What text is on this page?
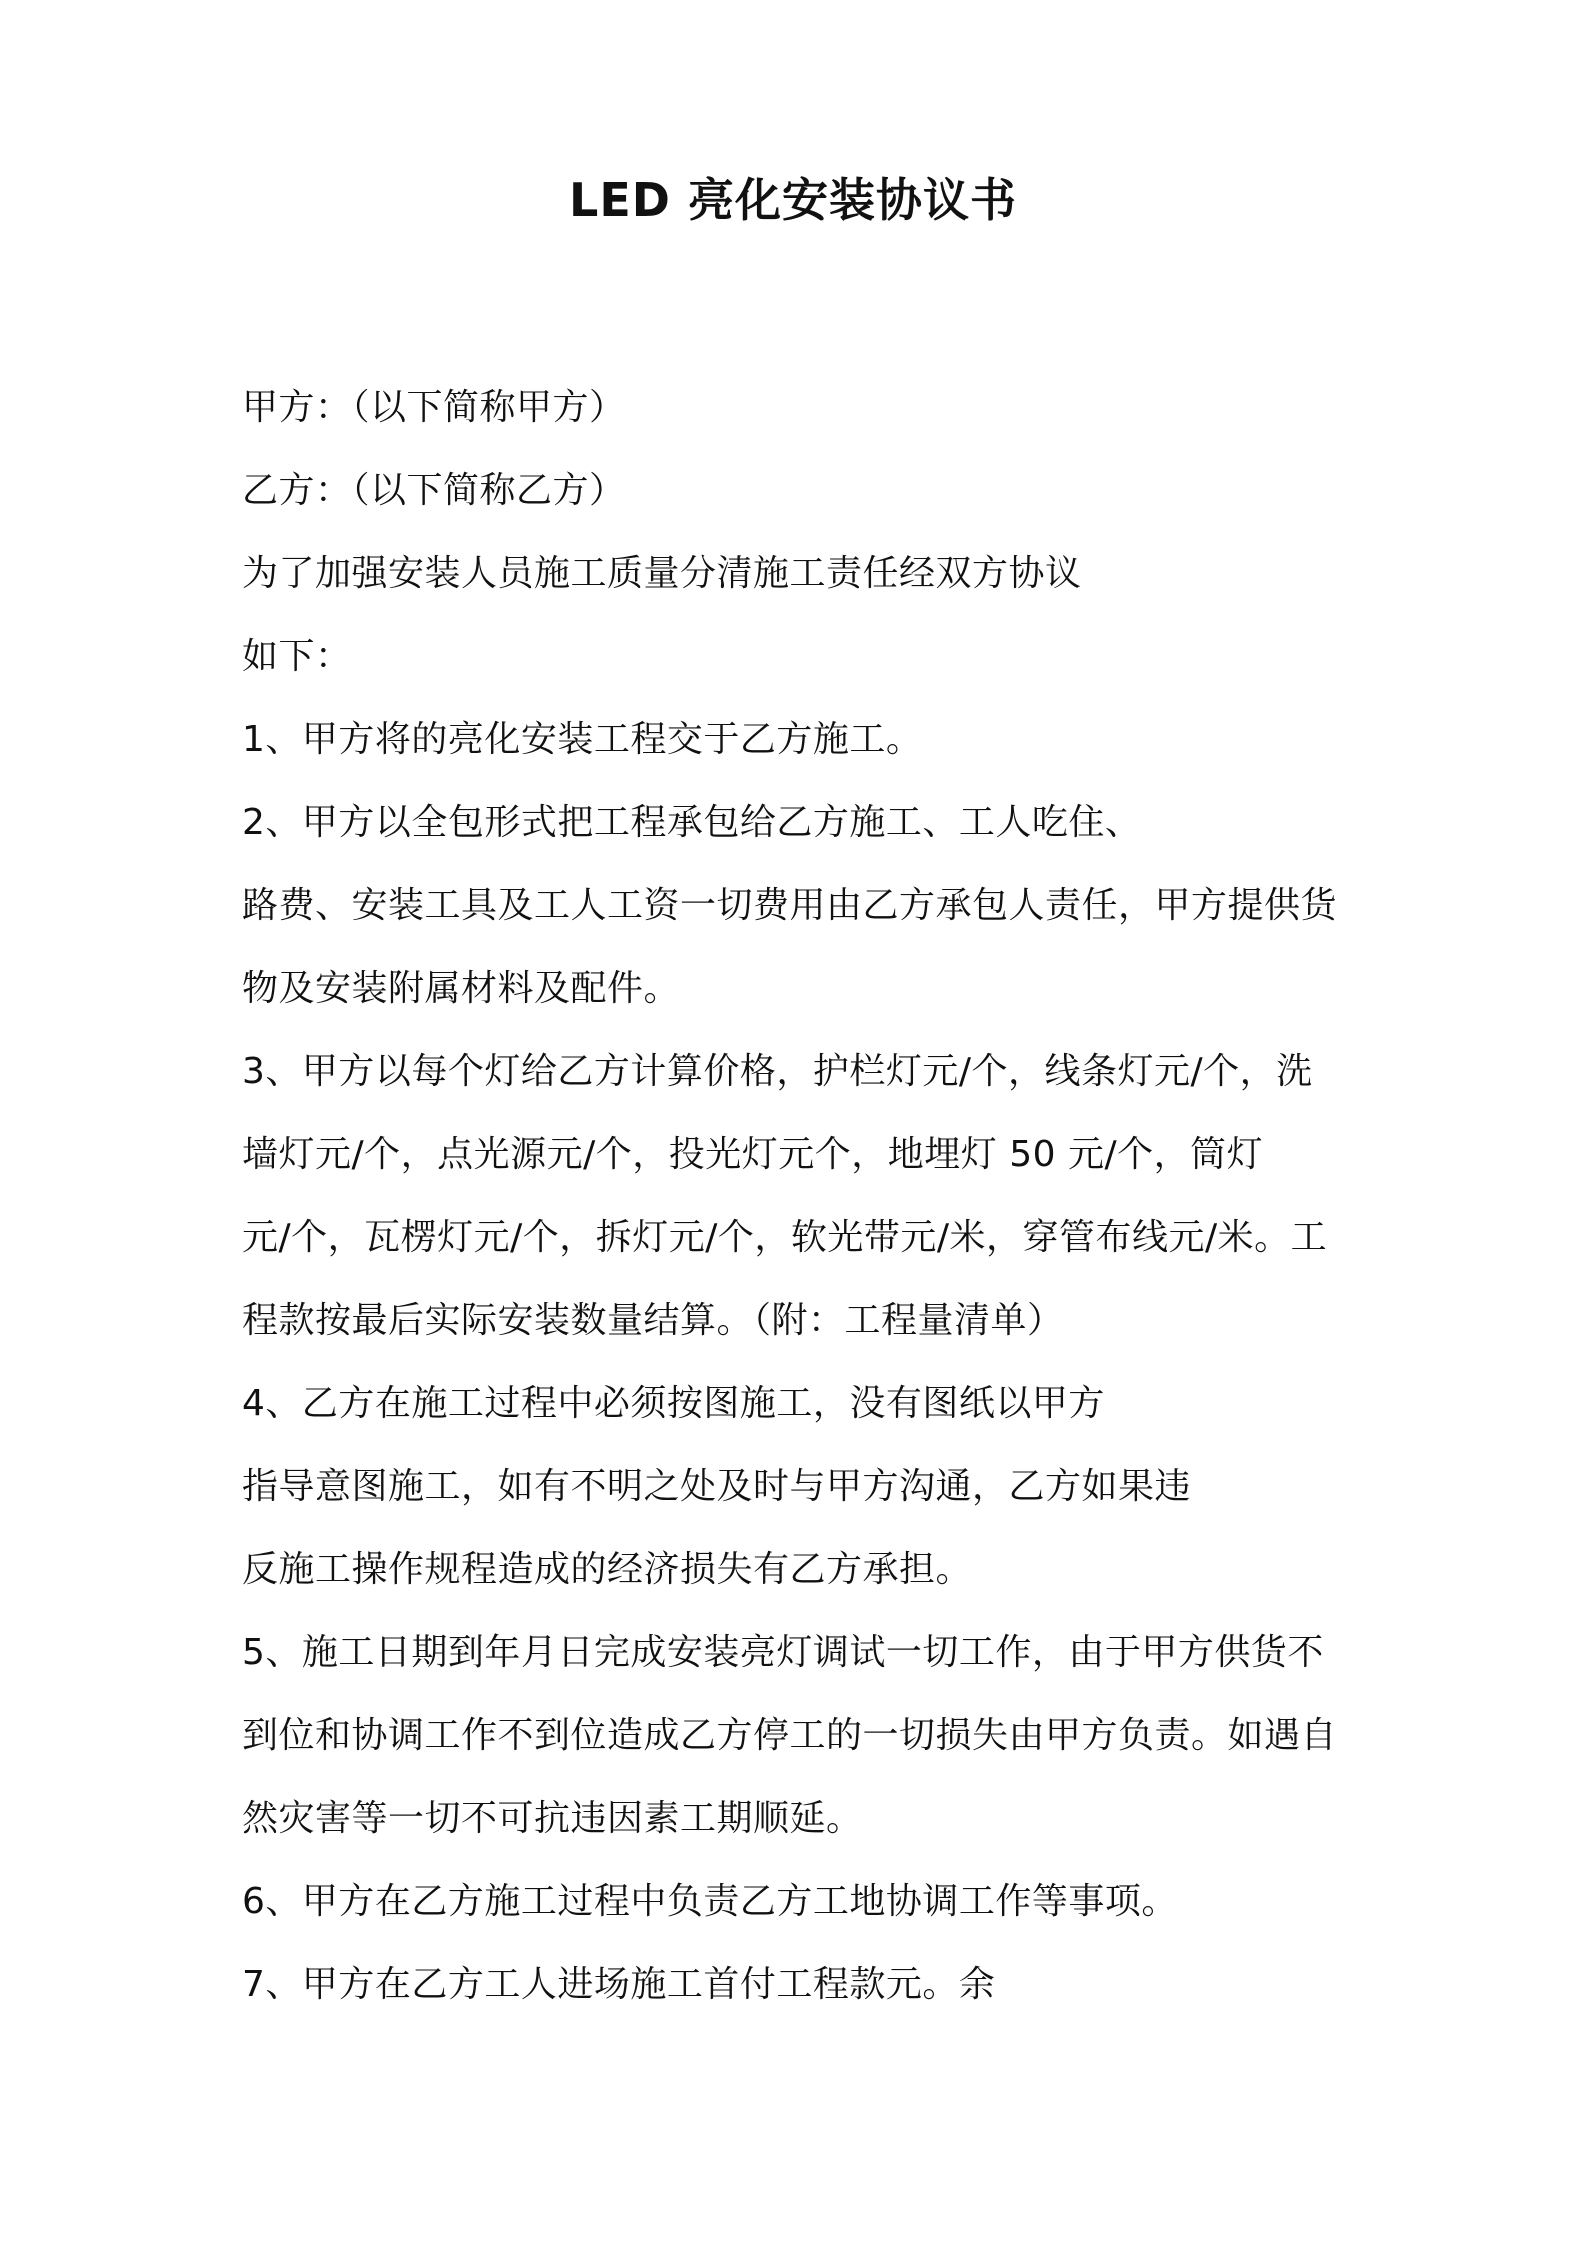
LED 亮化安装协议书
甲方：（以下简称甲方）
乙方：（以下简称乙方）
为了加强安装人员施工质量分清施工责任经双方协议
如下：
1、甲方将的亮化安装工程交于乙方施工。
2、甲方以全包形式把工程承包给乙方施工、工人吃住、
路费、安装工具及工人工资一切费用由乙方承包人责任，甲方提供货
物及安装附属材料及配件。
3、甲方以每个灯给乙方计算价格，护栏灯元/个，线条灯元/个，洗
墙灯元/个，点光源元/个，投光灯元个，地埋灯 50 元/个，筒灯
元/个，瓦楞灯元/个，拆灯元/个，软光带元/米，穿管布线元/米。工
程款按最后实际安装数量结算。（附：工程量清单）
4、乙方在施工过程中必须按图施工，没有图纸以甲方
指导意图施工，如有不明之处及时与甲方沟通，乙方如果违
反施工操作规程造成的经济损失有乙方承担。
5、施工日期到年月日完成安装亮灯调试一切工作，由于甲方供货不
到位和协调工作不到位造成乙方停工的一切损失由甲方负责。如遇自
然灾害等一切不可抗违因素工期顺延。
6、甲方在乙方施工过程中负责乙方工地协调工作等事项。
7、甲方在乙方工人进场施工首付工程款元。余
